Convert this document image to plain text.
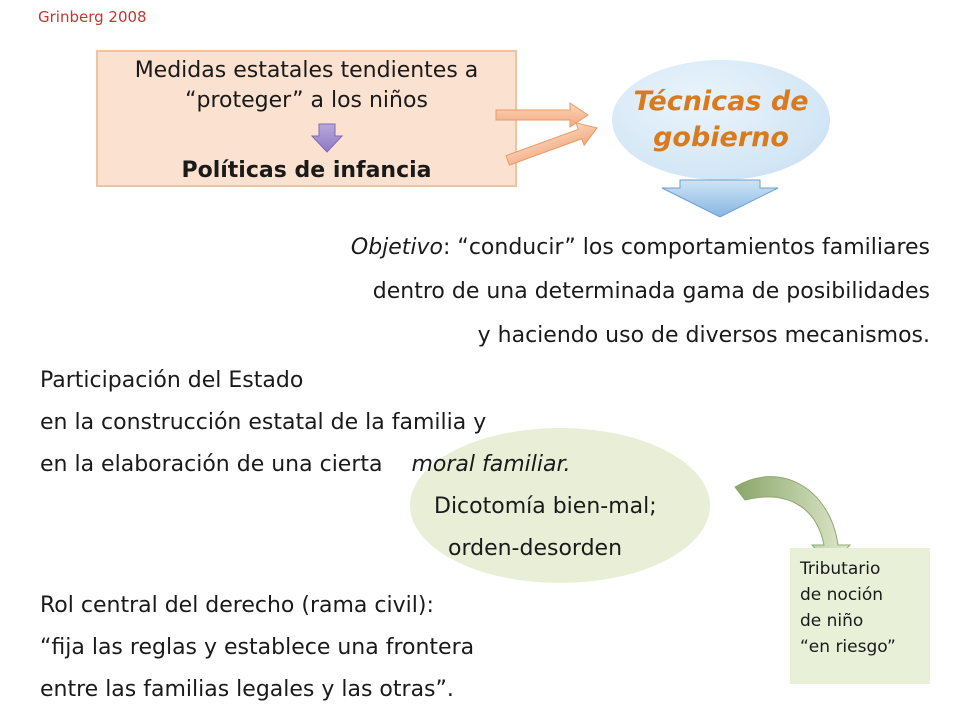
Grinberg 2008
Medidas estatales tendientes a
“proteger” a los niños
Políticas de infancia
Técnicas de
gobierno
Objetivo: “conducir” los comportamientos familiares
dentro de una determinada gama de posibilidades
y haciendo uso de diversos mecanismos.
Participación del Estado
en la construcción estatal de la familia y
en la elaboración de una cierta moral familiar.
Dicotomía bien-mal;
orden-desorden
Rol central del derecho (rama civil):
“fija las reglas y establece una frontera
entre las familias legales y las otras”.
Tributario
de noción
de niño
“en riesgo”
